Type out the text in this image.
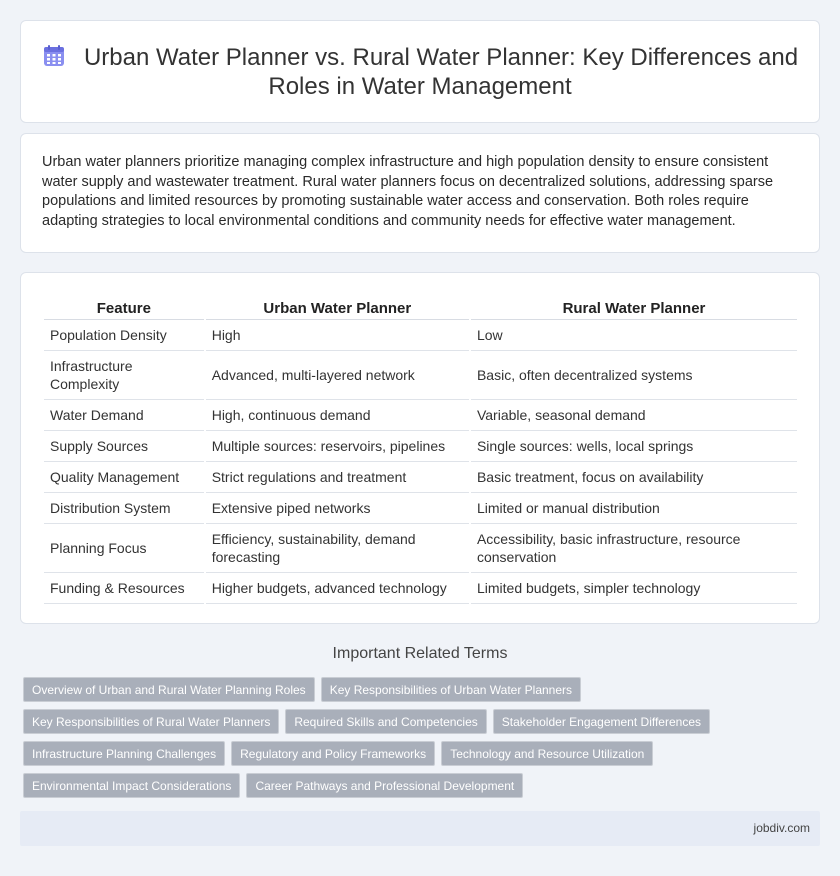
Urban Water Planner vs. Rural Water Planner: Key Differences and Roles in Water Management

Urban water planners prioritize managing complex infrastructure and high population density to ensure consistent water supply and wastewater treatment. Rural water planners focus on decentralized solutions, addressing sparse populations and limited resources by promoting sustainable water access and conservation. Both roles require adapting strategies to local environmental conditions and community needs for effective water management.

Feature	Urban Water Planner	Rural Water Planner
Population Density	High	Low
Infrastructure Complexity	Advanced, multi-layered network	Basic, often decentralized systems
Water Demand	High, continuous demand	Variable, seasonal demand
Supply Sources	Multiple sources: reservoirs, pipelines	Single sources: wells, local springs
Quality Management	Strict regulations and treatment	Basic treatment, focus on availability
Distribution System	Extensive piped networks	Limited or manual distribution
Planning Focus	Efficiency, sustainability, demand forecasting	Accessibility, basic infrastructure, resource conservation
Funding & Resources	Higher budgets, advanced technology	Limited budgets, simpler technology
Important Related Terms
Overview of Urban and Rural Water Planning Roles Key Responsibilities of Urban Water Planners
Key Responsibilities of Rural Water Planners Required Skills and Competencies Stakeholder Engagement Differences
Infrastructure Planning Challenges Regulatory and Policy Frameworks Technology and Resource Utilization
Environmental Impact Considerations Career Pathways and Professional Development
jobdiv.com
